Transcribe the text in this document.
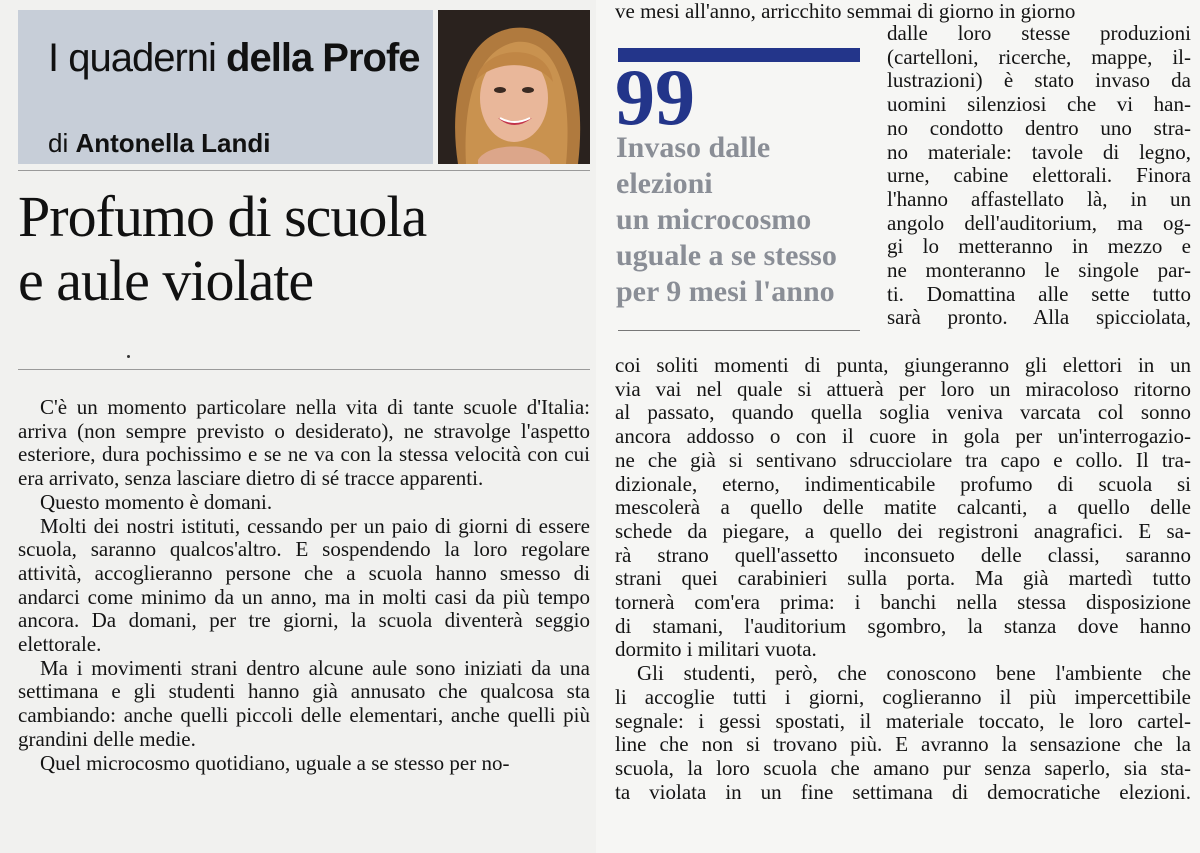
I quaderni della Profe
di Antonella Landi
Profumo di scuola
e aule violate

C'è un momento particolare nella vita di tante scuole d'Italia: arriva (non sempre previsto o desiderato), ne stravolge l'aspetto esteriore, dura pochissimo e se ne va con la stessa velocità con cui era arrivato, senza lasciare dietro di sé tracce apparenti.

Questo momento è domani.

Molti dei nostri istituti, cessando per un paio di giorni di essere scuola, saranno qualcos'altro. E sospendendo la loro regolare attività, accoglieranno persone che a scuola hanno smesso di andarci come minimo da un anno, ma in molti casi da più tempo ancora. Da domani, per tre giorni, la scuola diventerà seggio elettorale.

Ma i movimenti strani dentro alcune aule sono iniziati da una settimana e gli studenti hanno già annusato che qualcosa sta cambiando: anche quelli piccoli delle elementari, anche quelli più grandini delle medie.

Quel microcosmo quotidiano, uguale a se stesso per no-

ve mesi all'anno, arricchito semmai di giorno in giorno
99
Invaso dalle
elezioni
un microcosmo
uguale a se stesso
per 9 mesi l'anno
dalle loro stesse produzioni
(cartelloni, ricerche, mappe, il-
lustrazioni) è stato invaso da
uomini silenziosi che vi han-
no condotto dentro uno stra-
no materiale: tavole di legno,
urne, cabine elettorali. Finora
l'hanno affastellato là, in un
angolo dell'auditorium, ma og-
gi lo metteranno in mezzo e
ne monteranno le singole par-
ti. Domattina alle sette tutto
sarà pronto. Alla spicciolata,
coi soliti momenti di punta, giungeranno gli elettori in un
via vai nel quale si attuerà per loro un miracoloso ritorno
al passato, quando quella soglia veniva varcata col sonno
ancora addosso o con il cuore in gola per un'interrogazio-
ne che già si sentivano sdrucciolare tra capo e collo. Il tra-
dizionale, eterno, indimenticabile profumo di scuola si
mescolerà a quello delle matite calcanti, a quello delle
schede da piegare, a quello dei registroni anagrafici. E sa-
rà strano quell'assetto inconsueto delle classi, saranno
strani quei carabinieri sulla porta. Ma già martedì tutto
tornerà com'era prima: i banchi nella stessa disposizione
di stamani, l'auditorium sgombro, la stanza dove hanno
dormito i militari vuota.
Gli studenti, però, che conoscono bene l'ambiente che
li accoglie tutti i giorni, coglieranno il più impercettibile
segnale: i gessi spostati, il materiale toccato, le loro cartel-
line che non si trovano più. E avranno la sensazione che la
scuola, la loro scuola che amano pur senza saperlo, sia sta-
ta violata in un fine settimana di democratiche elezioni.
